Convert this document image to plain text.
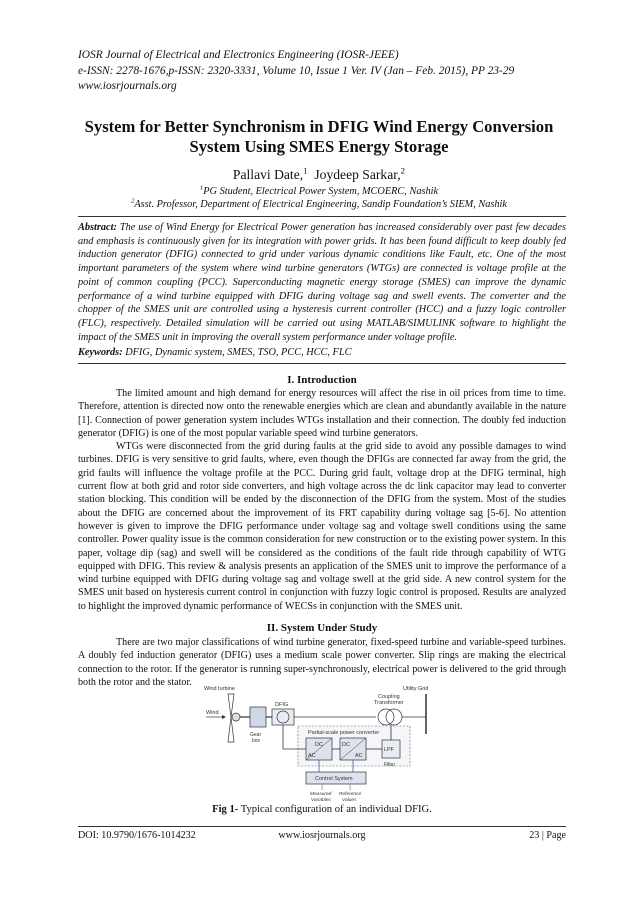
IOSR Journal of Electrical and Electronics Engineering (IOSR-JEEE)
e-ISSN: 2278-1676,p-ISSN: 2320-3331, Volume 10, Issue 1 Ver. IV (Jan – Feb. 2015), PP 23-29
www.iosrjournals.org
System for Better Synchronism in DFIG Wind Energy Conversion System Using SMES Energy Storage
Pallavi Date,$^1$ Joydeep Sarkar,$^2$
$^1$PG Student, Electrical Power System, MCOERC, Nashik
$^2$Asst. Professor, Department of Electrical Engineering, Sandip Foundation’s SIEM, Nashik
Abstract: The use of Wind Energy for Electrical Power generation has increased considerably over past few decades and emphasis is continuously given for its integration with power grids. It has been found difficult to keep doubly fed induction generator (DFIG) connected to grid under various dynamic conditions like Fault, etc. One of the most important parameters of the system where wind turbine generators (WTGs) are connected is voltage profile at the point of common coupling (PCC). Superconducting magnetic energy storage (SMES) can improve the dynamic performance of a wind turbine equipped with DFIG during voltage sag and swell events. The converter and the chopper of the SMES unit are controlled using a hysteresis current controller (HCC) and a fuzzy logic controller (FLC), respectively. Detailed simulation will be carried out using MATLAB/SIMULINK software to highlight the impact of the SMES unit in improving the overall system performance under voltage profile.
Keywords: DFIG, Dynamic system, SMES, TSO, PCC, HCC, FLC
I. Introduction

The limited amount and high demand for energy resources will affect the rise in oil prices from time to time. Therefore, attention is directed now onto the renewable energies which are clean and abundantly available in the nature [1]. Connection of power generation system includes WTGs installation and their connection. The doubly fed induction generator (DFIG) is one of the most popular variable speed wind turbine generators.

WTGs were disconnected from the grid during faults at the grid side to avoid any possible damages to wind turbines. DFIG is very sensitive to grid faults, where, even though the DFIGs are connected far away from the grid, the grid faults will influence the voltage profile at the PCC. During grid fault, voltage drop at the DFIG terminal, high current flow at both grid and rotor side converters, and high voltage across the dc link capacitor may lead to converter station blocking. This condition will be ended by the disconnection of the DFIG from the system. Most of the studies about the DFIG are concerned about the improvement of its FRT capability during voltage sag [5-6]. No attention however is given to improve the DFIG performance under voltage sag and voltage swell conditions using the same controller. Power quality issue is the common consideration for new construction or to the existing power system. In this paper, voltage dip (sag) and swell will be considered as the conditions of the fault ride through capability of WTG equipped with DFIG. This review & analysis presents an application of the SMES unit to improve the performance of a wind turbine equipped with DFIG during voltage sag and voltage swell at the grid side. A new control system for the SMES unit based on hysteresis current control in conjunction with fuzzy logic control is proposed. Results are analyzed to highlight the improved dynamic performance of WECSs in conjunction with the SMES unit.

II. System Under Study

There are two major classifications of wind turbine generator, fixed-speed turbine and variable-speed turbines. A doubly fed induction generator (DFIG) uses a medium scale power converter. Slip rings are making the electrical connection to the rotor. If the generator is running super-synchronously, electrical power is delivered to the grid through both the rotor and the stator.

Wind turbine	Utility Grid
Wind
Gear
box
DFIG
Coupling
Transformer
Partial-scale power converter
DC
AC
DC
AC
LPF
Filter
Control System
Measured
Variables
Reference
Values
Fig 1- Typical configuration of an individual DFIG.
DOI: 10.9790/1676-1014232	www.iosrjournals.org	23 | Page
